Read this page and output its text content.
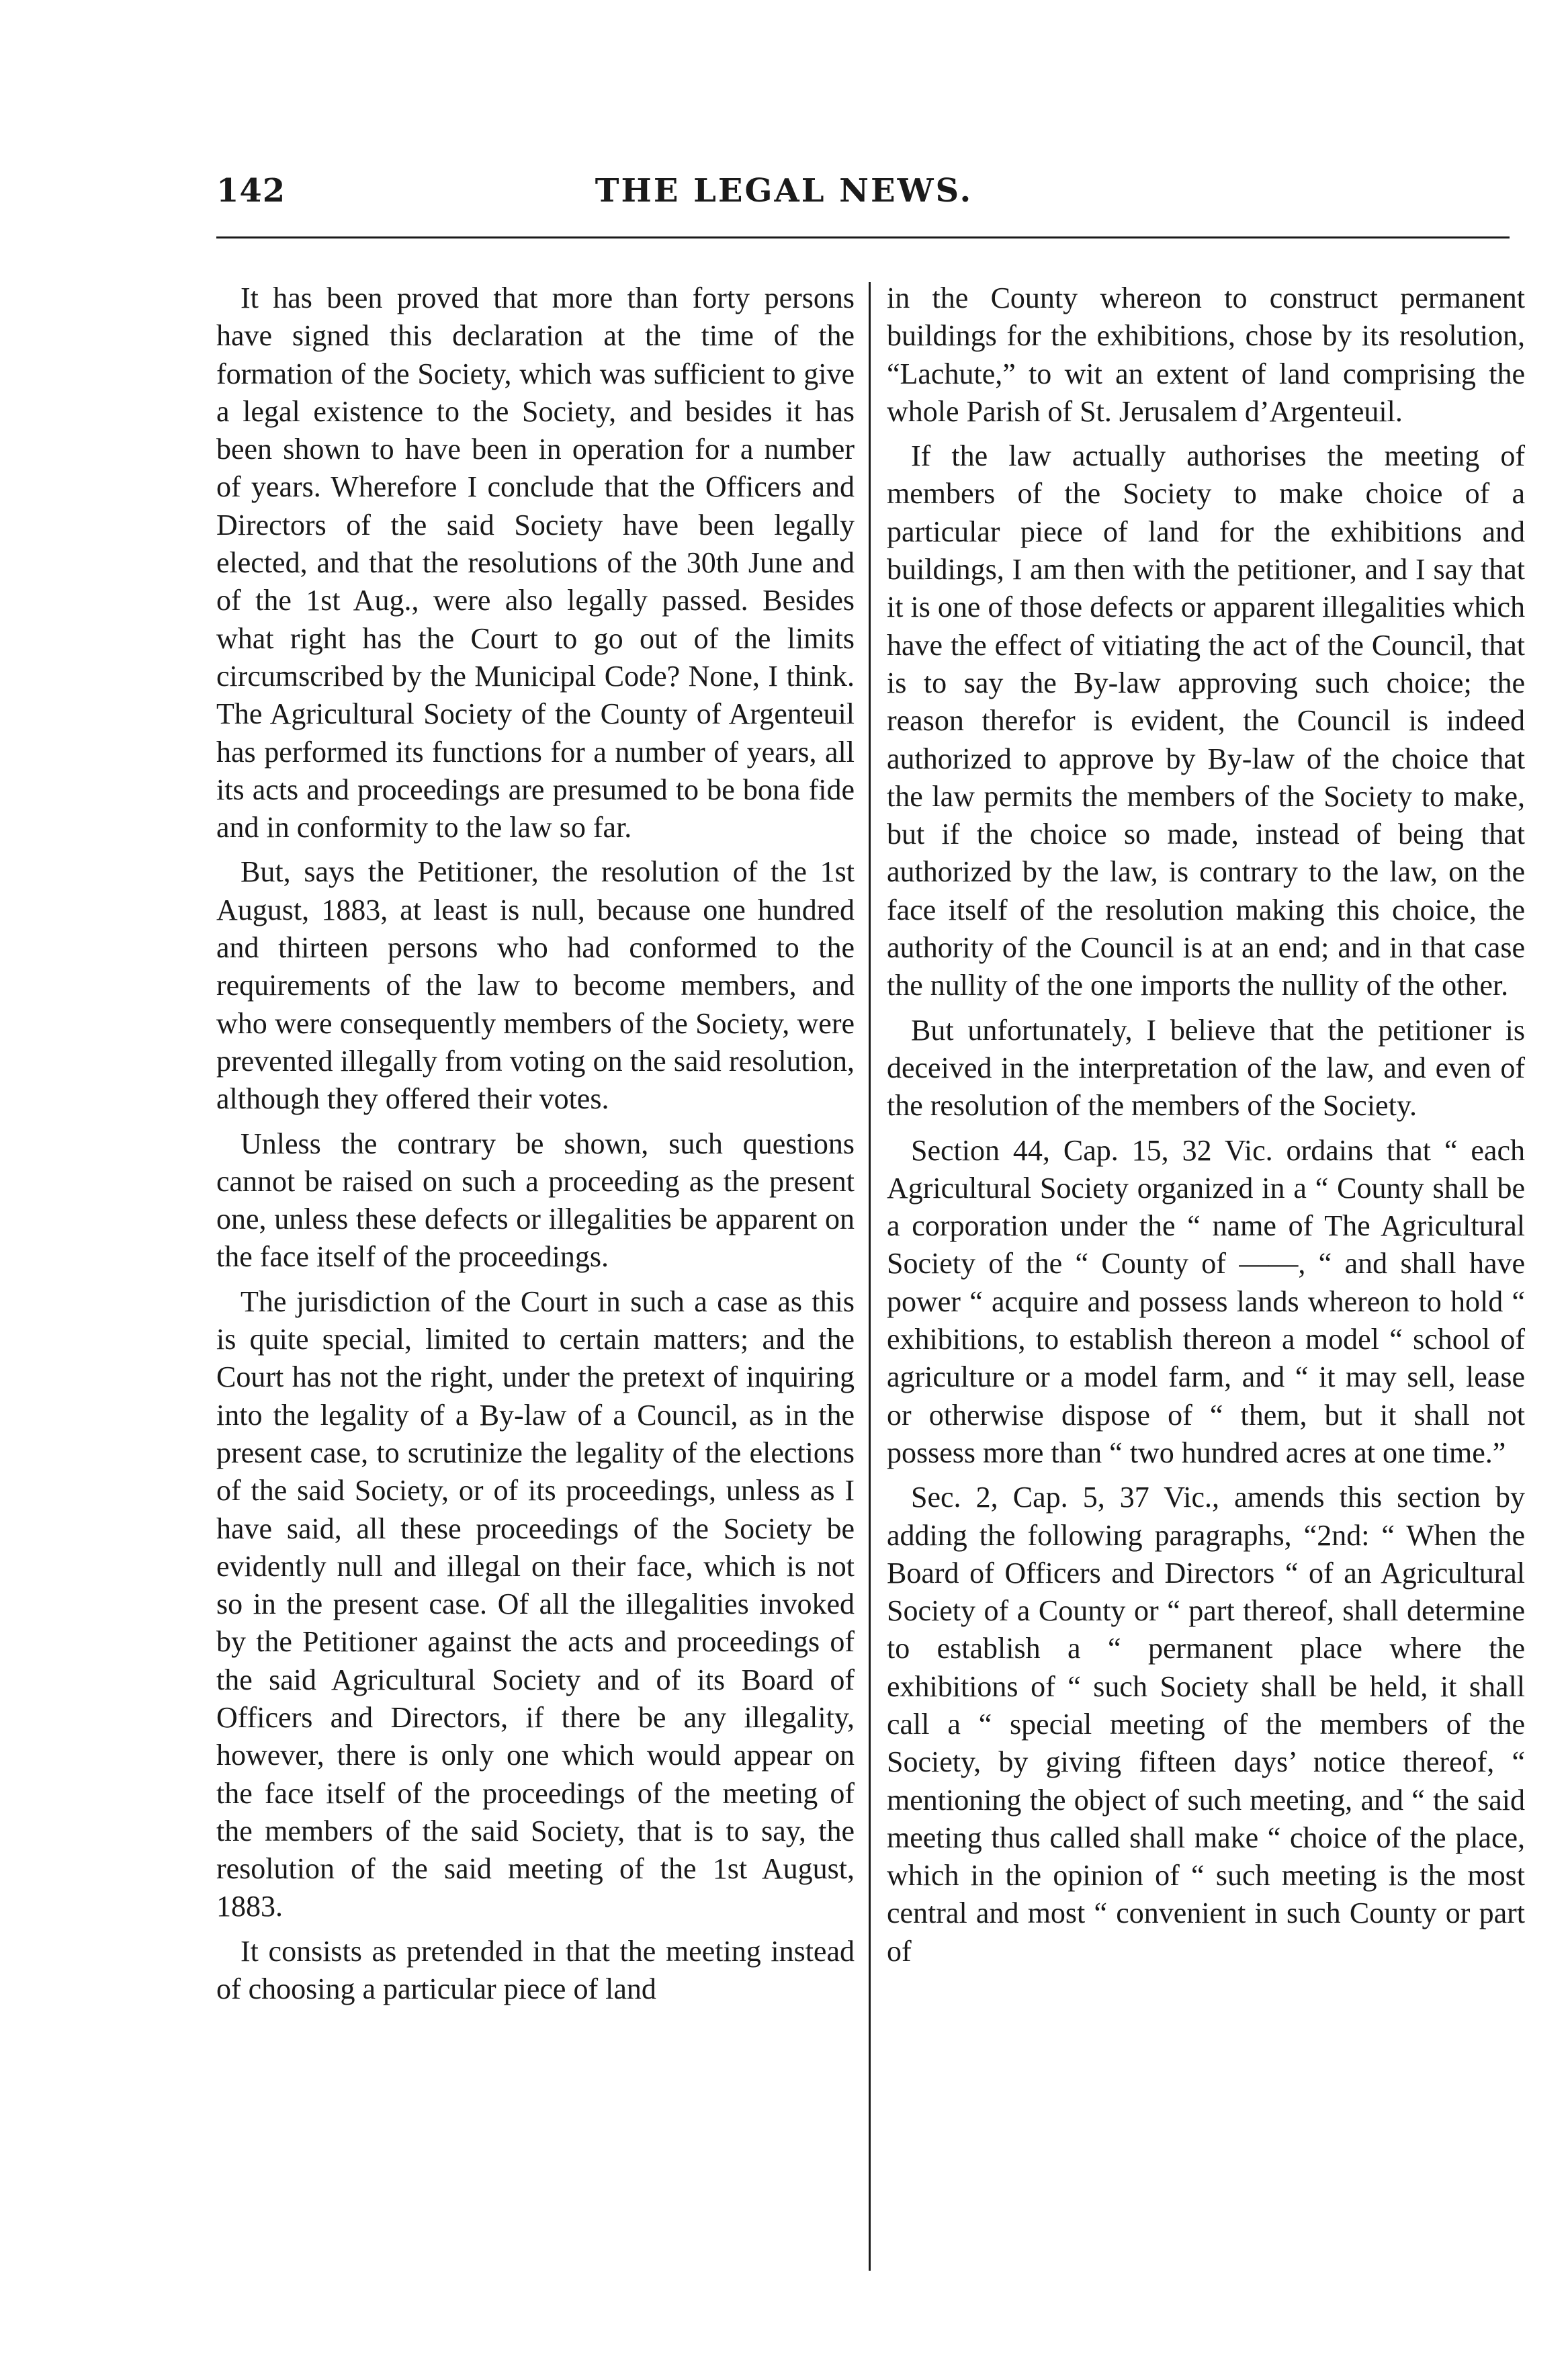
142	THE LEGAL NEWS.

It has been proved that more than forty persons have signed this declaration at the time of the formation of the Society, which was sufficient to give a legal existence to the Society, and besides it has been shown to have been in operation for a number of years. Wherefore I conclude that the Officers and Directors of the said Society have been legally elected, and that the resolutions of the 30th June and of the 1st Aug., were also legally passed. Besides what right has the Court to go out of the limits circumscribed by the Municipal Code? None, I think. The Agricultural Society of the County of Argenteuil has performed its functions for a number of years, all its acts and proceedings are presumed to be bona fide and in conformity to the law so far.

But, says the Petitioner, the resolution of the 1st August, 1883, at least is null, because one hundred and thirteen persons who had conformed to the requirements of the law to become members, and who were consequently members of the Society, were prevented illegally from voting on the said resolution, although they offered their votes.

Unless the contrary be shown, such questions cannot be raised on such a proceeding as the present one, unless these defects or illegalities be apparent on the face itself of the proceedings.

The jurisdiction of the Court in such a case as this is quite special, limited to certain matters; and the Court has not the right, under the pretext of inquiring into the legality of a By-law of a Council, as in the present case, to scrutinize the legality of the elections of the said Society, or of its proceedings, unless as I have said, all these proceedings of the Society be evidently null and illegal on their face, which is not so in the present case. Of all the illegalities invoked by the Petitioner against the acts and proceedings of the said Agricultural Society and of its Board of Officers and Directors, if there be any illegality, however, there is only one which would appear on the face itself of the proceedings of the meeting of the members of the said Society, that is to say, the resolution of the said meeting of the 1st August, 1883.

It consists as pretended in that the meeting instead of choosing a particular piece of land

in the County whereon to construct permanent buildings for the exhibitions, chose by its resolution, “Lachute,” to wit an extent of land comprising the whole Parish of St. Jerusalem d’Argenteuil.

If the law actually authorises the meeting of members of the Society to make choice of a particular piece of land for the exhibitions and buildings, I am then with the petitioner, and I say that it is one of those defects or apparent illegalities which have the effect of vitiating the act of the Council, that is to say the By-law approving such choice; the reason therefor is evident, the Council is indeed authorized to approve by By-law of the choice that the law permits the members of the Society to make, but if the choice so made, instead of being that authorized by the law, is contrary to the law, on the face itself of the resolution making this choice, the authority of the Council is at an end; and in that case the nullity of the one imports the nullity of the other.

But unfortunately, I believe that the petitioner is deceived in the interpretation of the law, and even of the resolution of the members of the Society.

Section 44, Cap. 15, 32 Vic. ordains that “ each Agricultural Society organized in a “ County shall be a corporation under the “ name of The Agricultural Society of the “ County of ——, “ and shall have power “ acquire and possess lands whereon to hold “ exhibitions, to establish thereon a model “ school of agriculture or a model farm, and “ it may sell, lease or otherwise dispose of “ them, but it shall not possess more than “ two hundred acres at one time.”

Sec. 2, Cap. 5, 37 Vic., amends this section by adding the following paragraphs, “2nd: “ When the Board of Officers and Directors “ of an Agricultural Society of a County or “ part thereof, shall determine to establish a “ permanent place where the exhibitions of “ such Society shall be held, it shall call a “ special meeting of the members of the Society, by giving fifteen days’ notice thereof, “ mentioning the object of such meeting, and “ the said meeting thus called shall make “ choice of the place, which in the opinion of “ such meeting is the most central and most “ convenient in such County or part of
